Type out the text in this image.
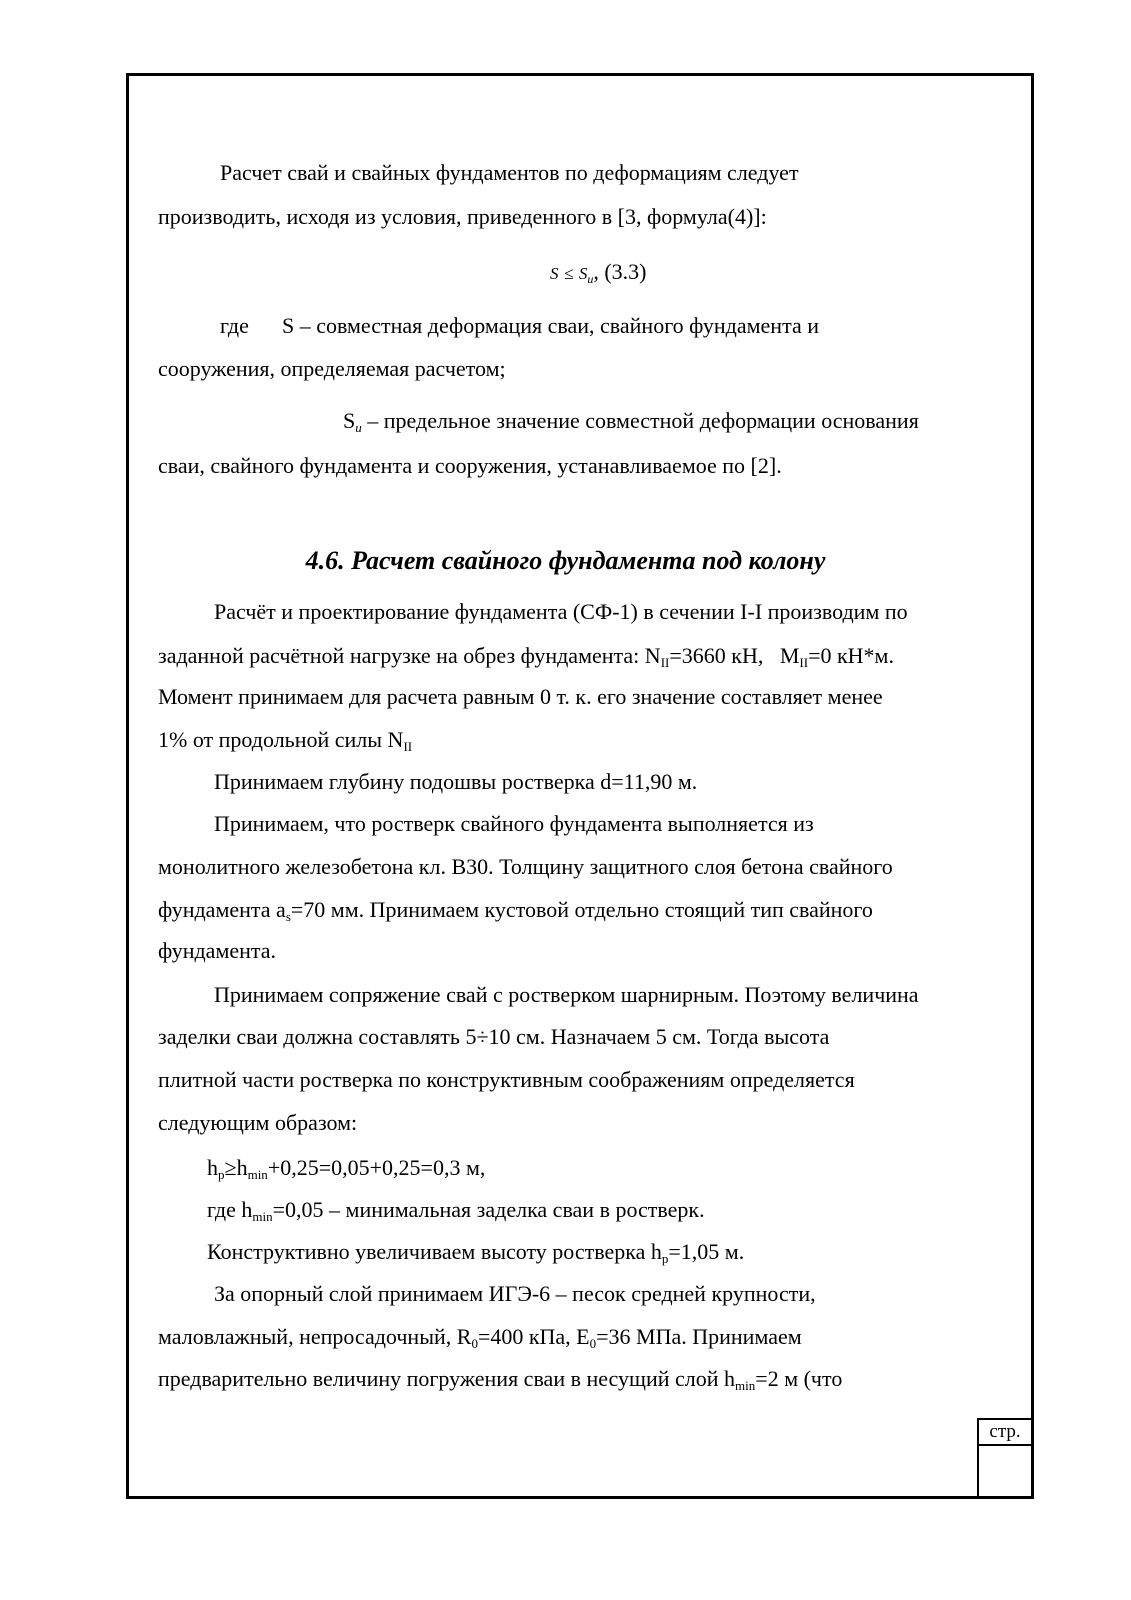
стр.
Расчет свай и свайных фундаментов по деформациям следует
производить, исходя из условия, приведенного в [3, формула(4)]:
$S \le S_u$, (3.3)
где S – совместная деформация сваи, свайного фундамента и
сооружения, определяемая расчетом;
$S_u$ – предельное значение совместной деформации основания
сваи, свайного фундамента и сооружения, устанавливаемое по [2].
4.6. Расчет свайного фундамента под колону
Расчёт и проектирование фундамента (СФ-1) в сечении I-I производим по
заданной расчётной нагрузке на обрез фундамента: $N_{II}=3660$ кН,   $M_{II}=0$ кН*м.
Момент принимаем для расчета равным 0 т. к. его значение составляет менее
1% от продольной силы $N_{II}$
Принимаем глубину подошвы ростверка d=11,90 м.
Принимаем, что ростверк свайного фундамента выполняется из
монолитного железобетона кл. В30. Толщину защитного слоя бетона свайного
фундамента $a_s=70$ мм. Принимаем кустовой отдельно стоящий тип свайного
фундамента.
Принимаем сопряжение свай с ростверком шарнирным. Поэтому величина
заделки сваи должна составлять 5÷10 см. Назначаем 5 см. Тогда высота
плитной части ростверка по конструктивным соображениям определяется
следующим образом:
$h_p\ge h_{min}+0,25=0,05+0,25=0,3$ м,
где $h_{min}=0,05$ – минимальная заделка сваи в ростверк.
Конструктивно увеличиваем высоту ростверка $h_p=1,05$ м.
За опорный слой принимаем ИГЭ-6 – песок средней крупности,
маловлажный, непросадочный, $R_0=400$ кПа, $E_0=36$ МПа. Принимаем
предварительно величину погружения сваи в несущий слой $h_{min}=2$ м (что
